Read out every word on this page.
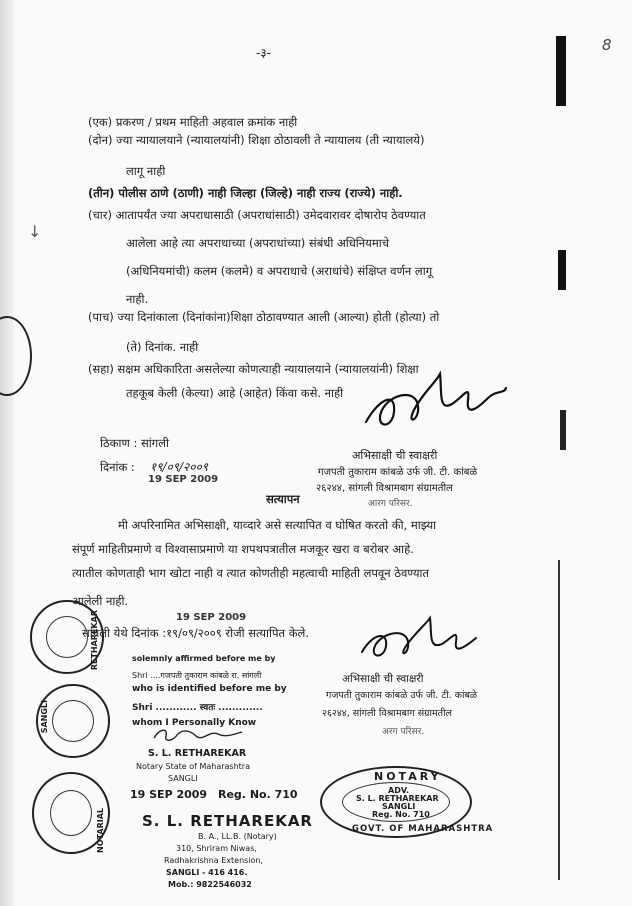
-३-	8
(एक) प्रकरण / प्रथम माहिती अहवाल क्रमांक नाही
(दोन) ज्या न्यायालयाने (न्यायालयांनी) शिक्षा ठोठावली ते न्यायालय (ती न्यायालये)
लागू नाही
(तीन) पोलीस ठाणे (ठाणी) नाही जिल्हा (जिल्हे) नाही राज्य (राज्ये) नाही.
(चार) आतापर्यंत ज्या अपराधासाठी (अपराधांसाठी) उमेदवारावर दोषारोप ठेवण्यात
आलेला आहे त्या अपराधाच्या (अपराधांच्या) संबंधी अधिनियमाचे
(अधिनियमांची) कलम (कलमे) व अपराधाचे (अराधांचे) संक्षिप्त वर्णन लागू
नाही.
(पाच) ज्या दिनांकाला (दिनांकांना)शिक्षा ठोठावण्यात आली (आल्या) होती (होत्या) तो
(ते) दिनांक. नाही
(सहा) सक्षम अधिकारिता असलेल्या कोणत्याही न्यायालयाने (न्यायालयांनी) शिक्षा
तहकूब केली (केल्या) आहे (आहेत) किंवा कसे. नाही
↓
ठिकाण : सांगली
दिनांक : १९/०९/२००९
19 SEP 2009
अभिसाक्षी ची स्वाक्षरी
गजपती तुकाराम कांबळे उर्फ जी. टी. कांबळे
२६२४४, सांगली विश्रामबाग संग्रामतील
आरग परिसर.
सत्यापन
मी अपरिनामित अभिसाक्षी, याव्दारे असे सत्यापित व घोषित करतो की, माझ्या
संपूर्ण माहितीप्रमाणे व विश्वासाप्रमाणे या शपथपत्रातील मजकूर खरा व बरोबर आहे.
त्यातील कोणताही भाग खोटा नाही व त्यात कोणतीही महत्वाची माहिती लपवून ठेवण्यात
आलेली नाही.
19 SEP 2009
सांगली येथे दिनांक :१९/०९/२००९ रोजी सत्यापित केले.
solemnly affirmed before me by
Shri ....गजपती तुकाराम कांबळे रा. सांगली
who is identified before me by
Shri ............ स्वतः .............
whom I Personally Know
अभिसाक्षी ची स्वाक्षरी
गजपती तुकाराम कांबळे उर्फ जी. टी. कांबळे
२६२४४, सांगली विश्रामबाग संग्रामतील
अरग परिसर.
S. L. RETHAREKAR
Notary State of Maharashtra
SANGLI
19 SEP 2009 Reg. No. 710
S. L. RETHAREKAR
B. A., LL.B. (Notary)
310, Shriram Niwas,
Radhakrishna Extension,
SANGLI - 416 416.
Mob.: 9822546032
NOTARY
ADV.
S. L. RETHAREKAR
SANGLI
Reg. No. 710
GOVT. OF MAHARASHTRA
RETHAREKAR
SANGLI
NOTARIAL
